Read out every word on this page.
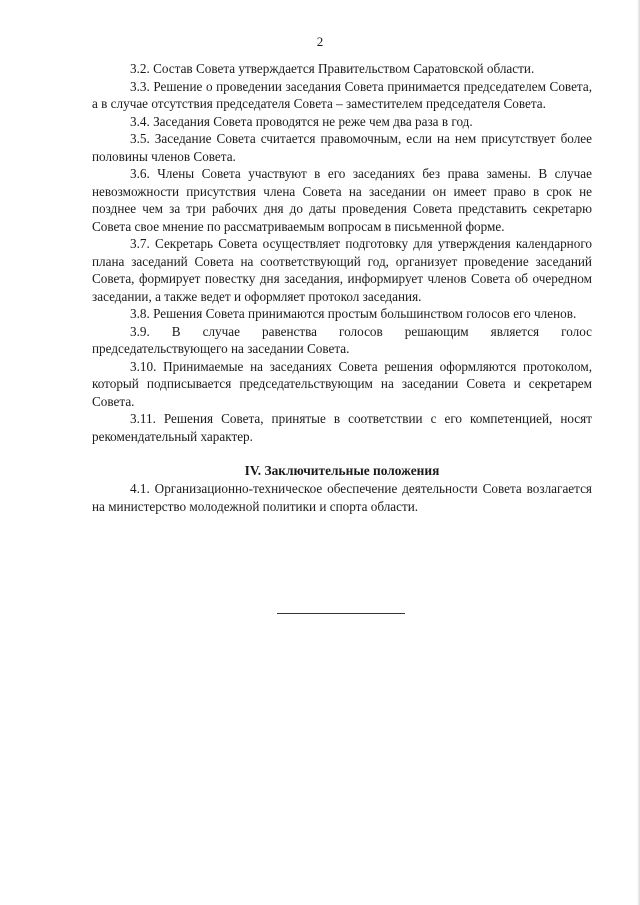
2

3.2. Состав Совета утверждается Правительством Саратовской области.

3.3. Решение о проведении заседания Совета принимается председателем Совета, а в случае отсутствия председателя Совета – заместителем председателя Совета.

3.4. Заседания Совета проводятся не реже чем два раза в год.

3.5. Заседание Совета считается правомочным, если на нем присутствует более половины членов Совета.

3.6. Члены Совета участвуют в его заседаниях без права замены. В случае невозможности присутствия члена Совета на заседании он имеет право в срок не позднее чем за три рабочих дня до даты проведения Совета представить секретарю Совета свое мнение по рассматриваемым вопросам в письменной форме.

3.7. Секретарь Совета осуществляет подготовку для утверждения календарного плана заседаний Совета на соответствующий год, организует проведение заседаний Совета, формирует повестку дня заседания, информирует членов Совета об очередном заседании, а также ведет и оформляет протокол заседания.

3.8. Решения Совета принимаются простым большинством голосов его членов.

3.9. В случае равенства голосов решающим является голос председательствующего на заседании Совета.

3.10. Принимаемые на заседаниях Совета решения оформляются протоколом, который подписывается председательствующим на заседании Совета и секретарем Совета.

3.11. Решения Совета, принятые в соответствии с его компетенцией, носят рекомендательный характер.

IV. Заключительные положения

4.1. Организационно-техническое обеспечение деятельности Совета возлагается на министерство молодежной политики и спорта области.
